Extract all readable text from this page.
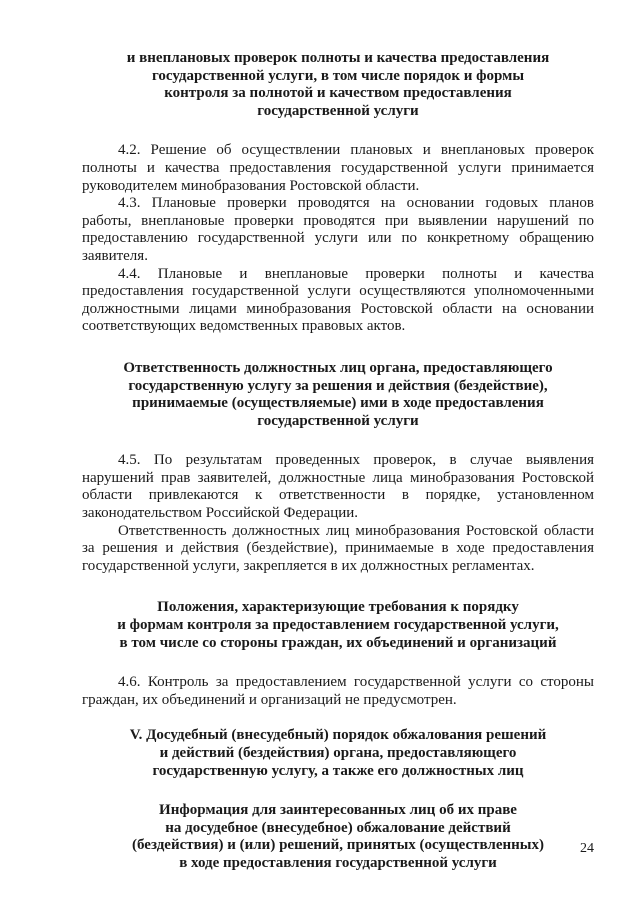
и внеплановых проверок полноты и качества предоставления
государственной услуги, в том числе порядок и формы
контроля за полнотой и качеством предоставления
государственной услуги

4.2. Решение об осуществлении плановых и внеплановых проверок полноты и качества предоставления государственной услуги принимается руководителем минобразования Ростовской области.

4.3. Плановые проверки проводятся на основании годовых планов работы, внеплановые проверки проводятся при выявлении нарушений по предоставлению государственной услуги или по конкретному обращению заявителя.

4.4. Плановые и внеплановые проверки полноты и качества предоставления государственной услуги осуществляются уполномоченными должностными лицами минобразования Ростовской области на основании соответствующих ведомственных правовых актов.

Ответственность должностных лиц органа, предоставляющего
государственную услугу за решения и действия (бездействие),
принимаемые (осуществляемые) ими в ходе предоставления
государственной услуги

4.5. По результатам проведенных проверок, в случае выявления нарушений прав заявителей, должностные лица минобразования Ростовской области привлекаются к ответственности в порядке, установленном законодательством Российской Федерации.

Ответственность должностных лиц минобразования Ростовской области за решения и действия (бездействие), принимаемые в ходе предоставления государственной услуги, закрепляется в их должностных регламентах.

Положения, характеризующие требования к порядку
и формам контроля за предоставлением государственной услуги,
в том числе со стороны граждан, их объединений и организаций

4.6. Контроль за предоставлением государственной услуги со стороны граждан, их объединений и организаций не предусмотрен.

V. Досудебный (внесудебный) порядок обжалования решений
и действий (бездействия) органа, предоставляющего
государственную услугу, а также его должностных лиц
Информация для заинтересованных лиц об их праве
на досудебное (внесудебное) обжалование действий
(бездействия) и (или) решений, принятых (осуществленных)
в ходе предоставления государственной услуги
24
